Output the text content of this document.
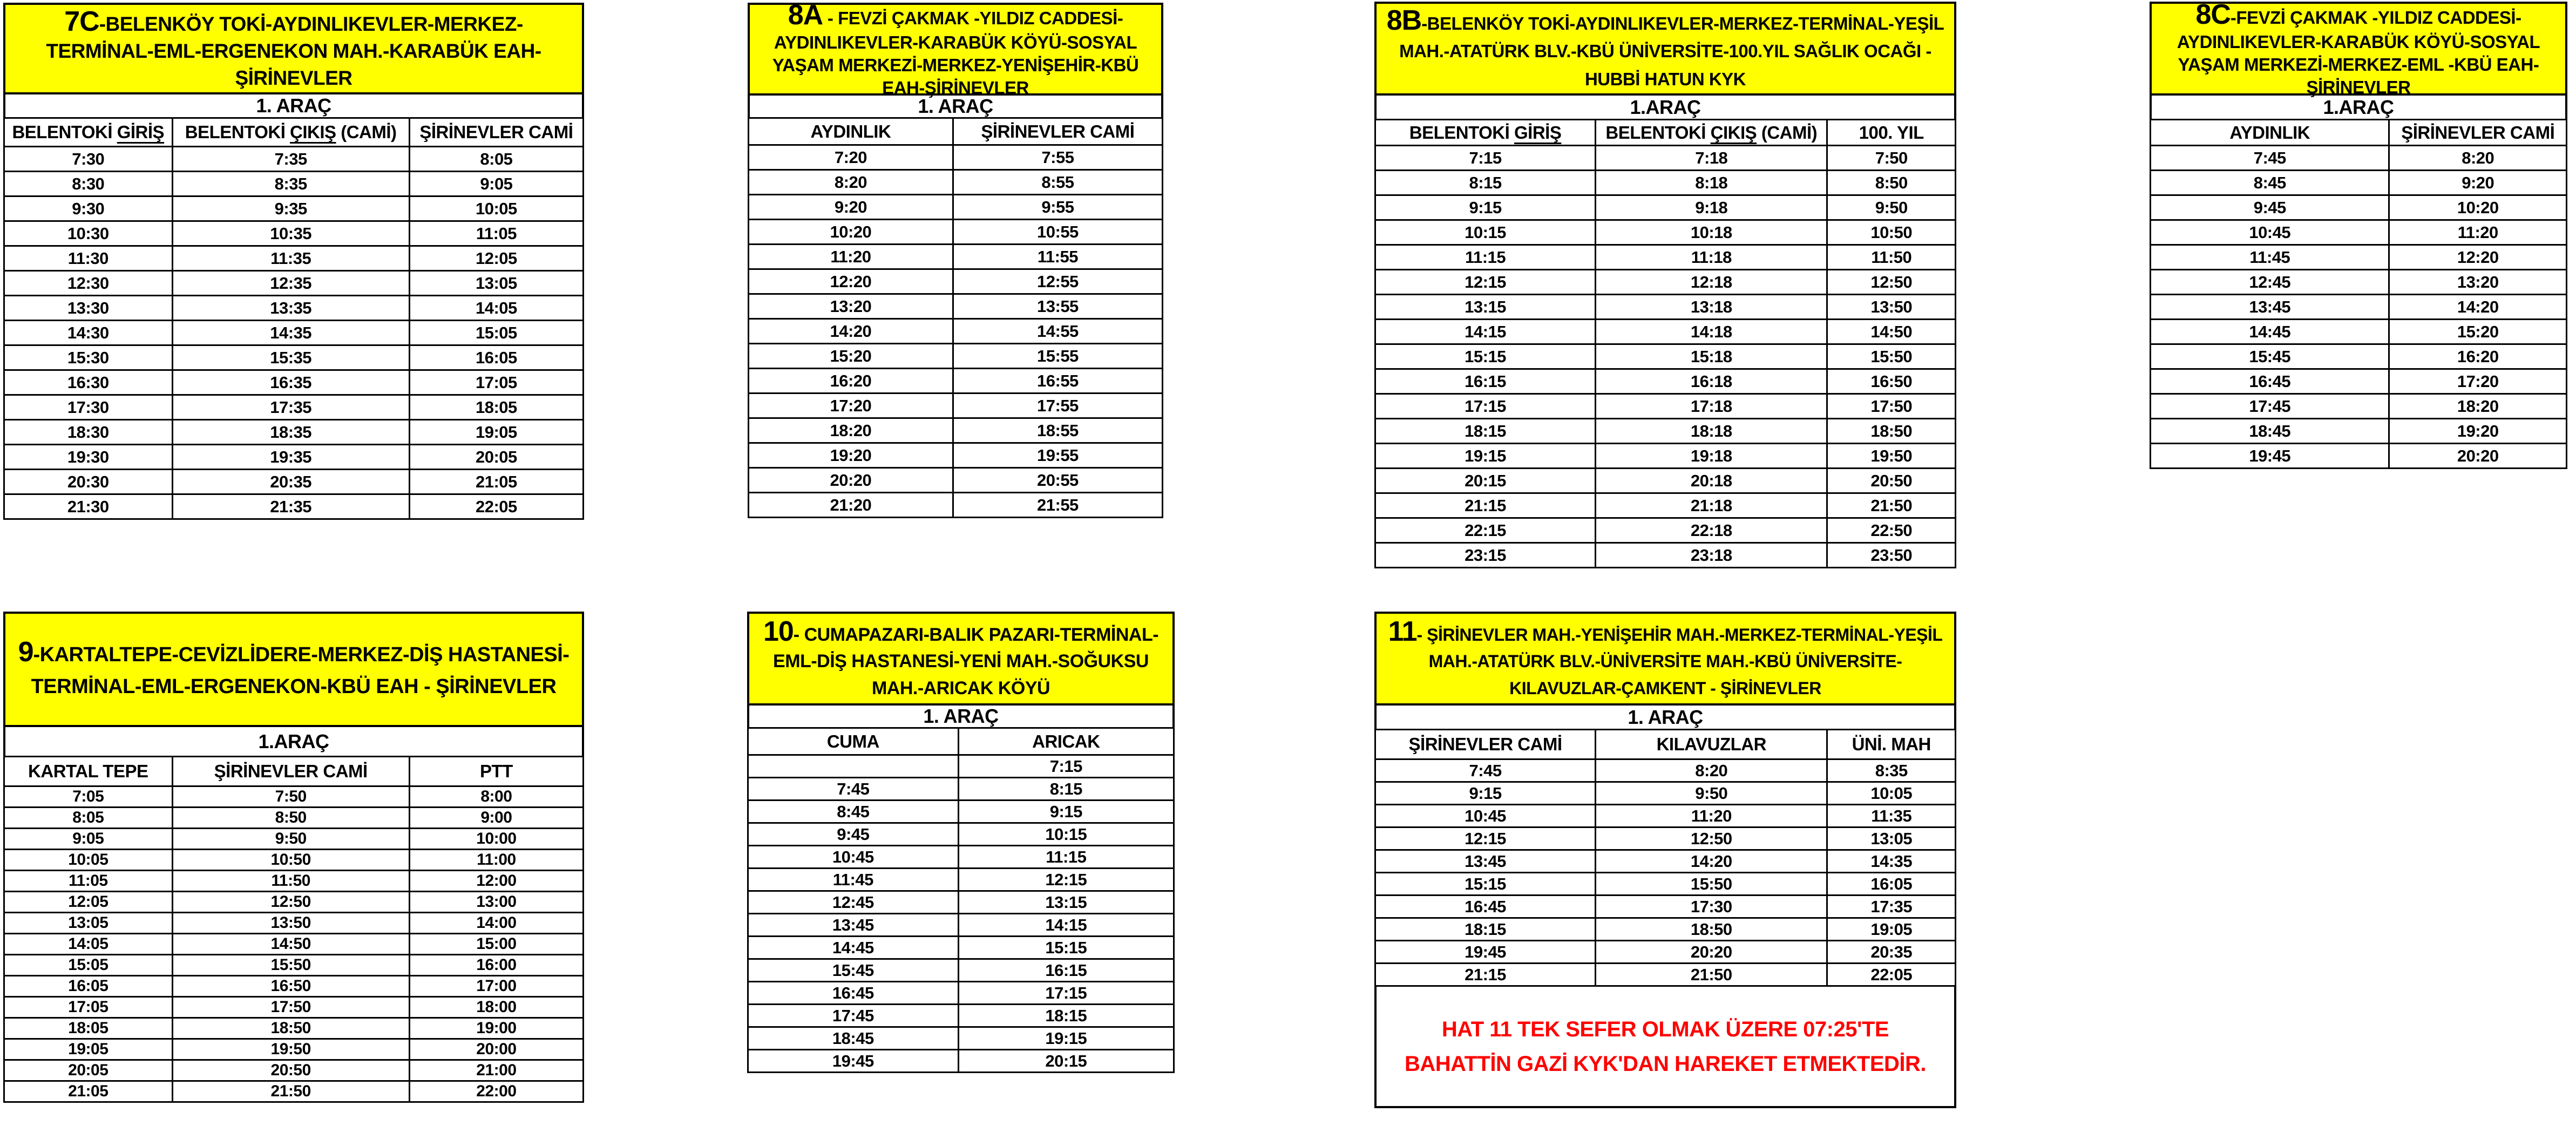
7C-BELENKÖY TOKİ-AYDINLIKEVLER-MERKEZ-TERMİNAL-EML-ERGENEKON MAH.-KARABÜK EAH-ŞİRİNEVLER
1. ARAÇ
BELENTOKİ GİRİŞ	BELENTOKİ ÇIKIŞ (CAMİ)	ŞİRİNEVLER CAMİ
7:30	7:35	8:05
8:30	8:35	9:05
9:30	9:35	10:05
10:30	10:35	11:05
11:30	11:35	12:05
12:30	12:35	13:05
13:30	13:35	14:05
14:30	14:35	15:05
15:30	15:35	16:05
16:30	16:35	17:05
17:30	17:35	18:05
18:30	18:35	19:05
19:30	19:35	20:05
20:30	20:35	21:05
21:30	21:35	22:05
8A - FEVZİ ÇAKMAK -YILDIZ CADDESİ-AYDINLIKEVLER-KARABÜK KÖYÜ-SOSYAL YAŞAM MERKEZİ-MERKEZ-YENİŞEHİR-KBÜ EAH-ŞİRİNEVLER
1. ARAÇ
AYDINLIK	ŞİRİNEVLER CAMİ
7:20	7:55
8:20	8:55
9:20	9:55
10:20	10:55
11:20	11:55
12:20	12:55
13:20	13:55
14:20	14:55
15:20	15:55
16:20	16:55
17:20	17:55
18:20	18:55
19:20	19:55
20:20	20:55
21:20	21:55
8B-BELENKÖY TOKİ-AYDINLIKEVLER-MERKEZ-TERMİNAL-YEŞİL MAH.-ATATÜRK BLV.-KBÜ ÜNİVERSİTE-100.YIL SAĞLIK OCAĞI - HUBBİ HATUN KYK
1.ARAÇ
BELENTOKİ GİRİŞ	BELENTOKİ ÇIKIŞ (CAMİ)	100. YIL
7:15	7:18	7:50
8:15	8:18	8:50
9:15	9:18	9:50
10:15	10:18	10:50
11:15	11:18	11:50
12:15	12:18	12:50
13:15	13:18	13:50
14:15	14:18	14:50
15:15	15:18	15:50
16:15	16:18	16:50
17:15	17:18	17:50
18:15	18:18	18:50
19:15	19:18	19:50
20:15	20:18	20:50
21:15	21:18	21:50
22:15	22:18	22:50
23:15	23:18	23:50
8C-FEVZİ ÇAKMAK -YILDIZ CADDESİ-AYDINLIKEVLER-KARABÜK KÖYÜ-SOSYAL YAŞAM MERKEZİ-MERKEZ-EML -KBÜ EAH-ŞİRİNEVLER
1.ARAÇ
AYDINLIK	ŞİRİNEVLER CAMİ
7:45	8:20
8:45	9:20
9:45	10:20
10:45	11:20
11:45	12:20
12:45	13:20
13:45	14:20
14:45	15:20
15:45	16:20
16:45	17:20
17:45	18:20
18:45	19:20
19:45	20:20
9-KARTALTEPE-CEVİZLİDERE-MERKEZ-DİŞ HASTANESİ-TERMİNAL-EML-ERGENEKON-KBÜ EAH - ŞİRİNEVLER
1.ARAÇ
KARTAL TEPE	ŞİRİNEVLER CAMİ	PTT
7:05	7:50	8:00
8:05	8:50	9:00
9:05	9:50	10:00
10:05	10:50	11:00
11:05	11:50	12:00
12:05	12:50	13:00
13:05	13:50	14:00
14:05	14:50	15:00
15:05	15:50	16:00
16:05	16:50	17:00
17:05	17:50	18:00
18:05	18:50	19:00
19:05	19:50	20:00
20:05	20:50	21:00
21:05	21:50	22:00
10- CUMAPAZARI-BALIK PAZARI-TERMİNAL-EML-DİŞ HASTANESİ-YENİ MAH.-SOĞUKSU MAH.-ARICAK KÖYÜ
1. ARAÇ
CUMA	ARICAK
	7:15
7:45	8:15
8:45	9:15
9:45	10:15
10:45	11:15
11:45	12:15
12:45	13:15
13:45	14:15
14:45	15:15
15:45	16:15
16:45	17:15
17:45	18:15
18:45	19:15
19:45	20:15
11- ŞİRİNEVLER MAH.-YENİŞEHİR MAH.-MERKEZ-TERMİNAL-YEŞİL MAH.-ATATÜRK BLV.-ÜNİVERSİTE MAH.-KBÜ ÜNİVERSİTE-KILAVUZLAR-ÇAMKENT - ŞİRİNEVLER
1. ARAÇ
ŞİRİNEVLER CAMİ	KILAVUZLAR	ÜNİ. MAH
7:45	8:20	8:35
9:15	9:50	10:05
10:45	11:20	11:35
12:15	12:50	13:05
13:45	14:20	14:35
15:15	15:50	16:05
16:45	17:30	17:35
18:15	18:50	19:05
19:45	20:20	20:35
21:15	21:50	22:05
HAT 11 TEK SEFER OLMAK ÜZERE 07:25'TE BAHATTİN GAZİ KYK'DAN HAREKET ETMEKTEDİR.
